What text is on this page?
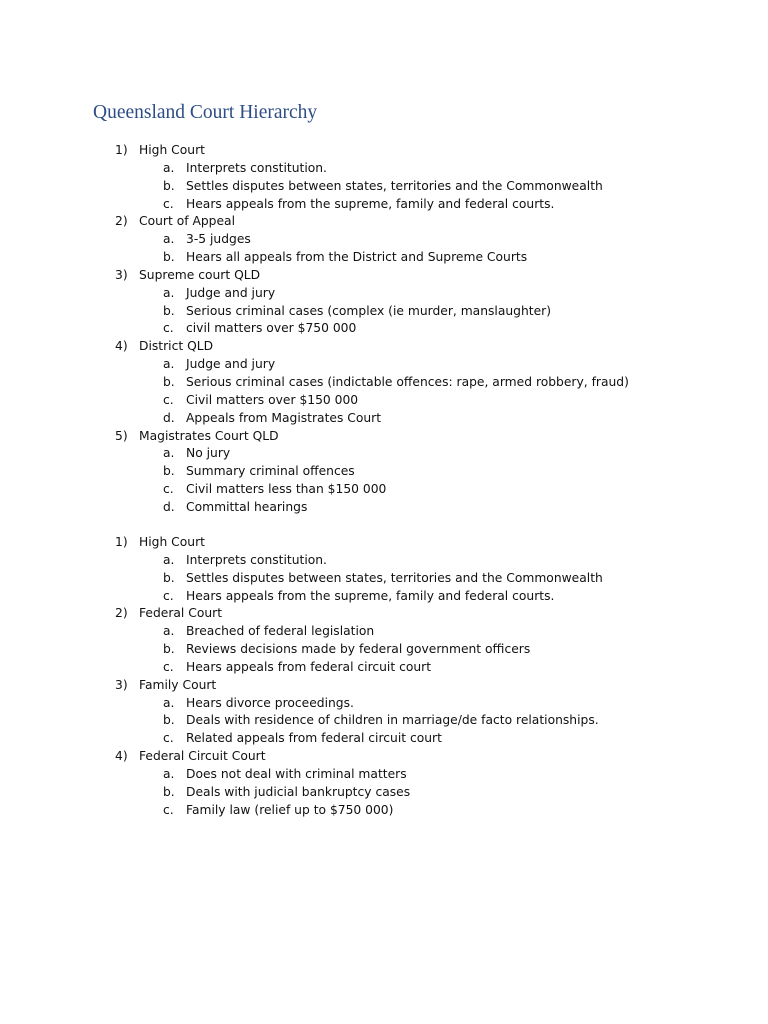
Queensland Court Hierarchy
1) High Court
a. Interprets constitution.
b. Settles disputes between states, territories and the Commonwealth
c. Hears appeals from the supreme, family and federal courts.
2) Court of Appeal
a. 3-5 judges
b. Hears all appeals from the District and Supreme Courts
3) Supreme court QLD
a. Judge and jury
b. Serious criminal cases (complex (ie murder, manslaughter)
c. civil matters over $750 000
4) District QLD
a. Judge and jury
b. Serious criminal cases (indictable offences: rape, armed robbery, fraud)
c. Civil matters over $150 000
d. Appeals from Magistrates Court
5) Magistrates Court QLD
a. No jury
b. Summary criminal offences
c. Civil matters less than $150 000
d. Committal hearings
1) High Court
a. Interprets constitution.
b. Settles disputes between states, territories and the Commonwealth
c. Hears appeals from the supreme, family and federal courts.
2) Federal Court
a. Breached of federal legislation
b. Reviews decisions made by federal government officers
c. Hears appeals from federal circuit court
3) Family Court
a. Hears divorce proceedings.
b. Deals with residence of children in marriage/de facto relationships.
c. Related appeals from federal circuit court
4) Federal Circuit Court
a. Does not deal with criminal matters
b. Deals with judicial bankruptcy cases
c. Family law (relief up to $750 000)
